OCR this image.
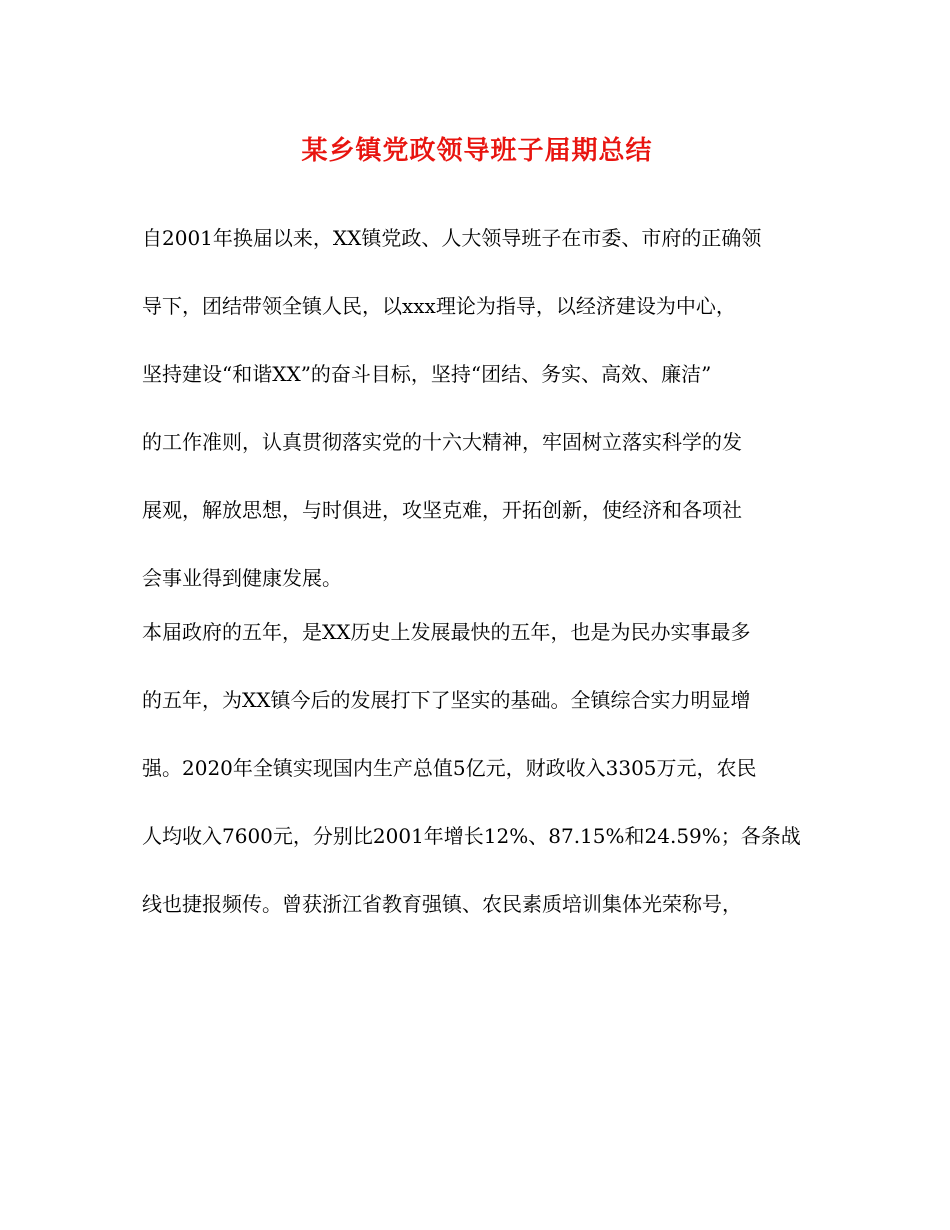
某乡镇党政领导班子届期总结

自2001年换届以来，XX镇党政、人大领导班子在市委、市府的正确领
导下，团结带领全镇人民，以xxx理论为指导，以经济建设为中心，
坚持建设“和谐XX”的奋斗目标，坚持“团结、务实、高效、廉洁”
的工作准则，认真贯彻落实党的十六大精神，牢固树立落实科学的发
展观，解放思想，与时俱进，攻坚克难，开拓创新，使经济和各项社
会事业得到健康发展。

本届政府的五年，是XX历史上发展最快的五年，也是为民办实事最多
的五年，为XX镇今后的发展打下了坚实的基础。全镇综合实力明显增
强。2020年全镇实现国内生产总值5亿元，财政收入3305万元，农民
人均收入7600元，分别比2001年增长12%、87.15%和24.59%；各条战
线也捷报频传。曾获浙江省教育强镇、农民素质培训集体光荣称号，
